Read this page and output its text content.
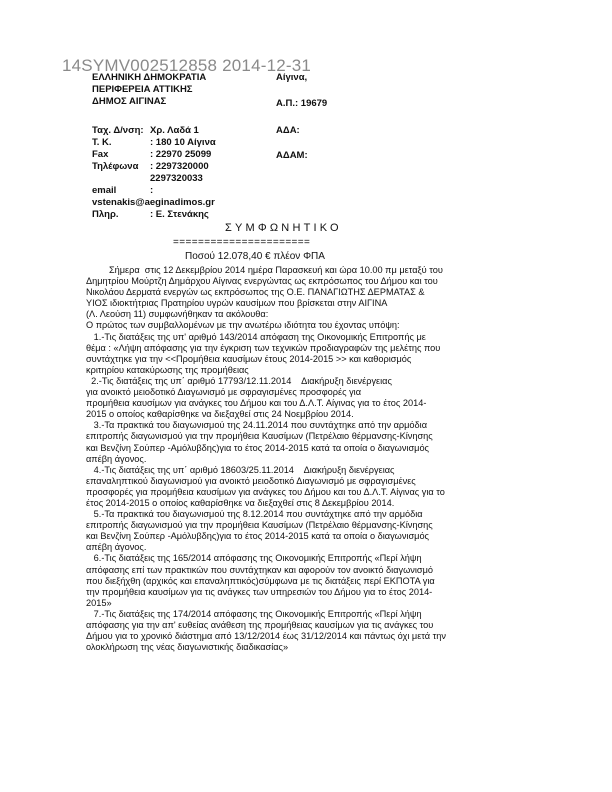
14SYMV002512858 2014-12-31
ΕΛΛΗΝΙΚΗ ΔΗΜΟΚΡΑΤΙΑ
ΠΕΡΙΦΕΡΕΙΑ ΑΤΤΙΚΗΣ
ΔΗΜΟΣ ΑΙΓΙΝΑΣ
Αίγινα,
Α.Π.: 19679
ΑΔΑ:
ΑΔΑΜ:
Ταχ. Δ/νση: Χρ. Λαδά 1
Τ. Κ.	: 180 10 Αίγινα
Fax	: 22970 25099
Τηλέφωνα	: 2297320000
2297320033
email	:
vstenakis@aeginadimos.gr
Πληρ.	: Ε. Στενάκης
ΣΥΜΦΩΝΗΤΙΚΟ
======================
Ποσού 12.078,40 € πλέον ΦΠΑ

Σήμερα  στις 12 Δεκεμβρίου 2014 ημέρα Παρασκευή και ώρα 10.00 πμ μεταξύ του

Δημητρίου Μούρτζη Δημάρχου Αίγινας ενεργώντας ως εκπρόσωπος του Δήμου και του

Νικολάου Δερματά ενεργών ως εκπρόσωπος της Ο.Ε. ΠΑΝΑΓΙΩΤΗΣ ΔΕΡΜΑΤΑΣ &

ΥΙΟΣ ιδιοκτήτριας Πρατηρίου υγρών καυσίμων που βρίσκεται στην ΑΙΓΙΝΑ

(Λ. Λεούση 11) συμφωνήθηκαν τα ακόλουθα:

Ο πρώτος των συμβαλλομένων με την ανωτέρω ιδιότητα του έχοντας υπόψη:

1.-Τις διατάξεις της υπ' αριθμό 143/2014 απόφαση της Οικονομικής Επιτροπής με

θέμα : «Λήψη απόφασης για την έγκριση των τεχνικών προδιαγραφών της μελέτης που

συντάχτηκε για την <<Προμήθεια καυσίμων έτους 2014-2015 >> και καθορισμός

κριτηρίου κατακύρωσης της προμήθειας

2.-Τις διατάξεις της υπ΄ αριθμό 17793/12.11.2014    Διακήρυξη διενέργειας

για ανοικτό μειοδοτικό Διαγωνισμό με σφραγισμένες προσφορές για

προμήθεια καυσίμων για ανάγκες του Δήμου και του Δ.Λ.Τ. Αίγινας για το έτος 2014-

2015 ο οποίος καθαρίσθηκε να διεξαχθεί στις 24 Νοεμβρίου 2014.

3.-Τα πρακτικά του διαγωνισμού της 24.11.2014 που συντάχτηκε από την αρμόδια

επιτροπής διαγωνισμού για την προμήθεια Καυσίμων (Πετρέλαιο θέρμανσης-Κίνησης

και Βενζίνη Σούπερ -Αμόλυβδης)για το έτος 2014-2015 κατά τα οποία ο διαγωνισμός

απέβη άγονος.

4.-Τις διατάξεις της υπ΄ αριθμό 18603/25.11.2014    Διακήρυξη διενέργειας

επαναληπτικού διαγωνισμού για ανοικτό μειοδοτικό Διαγωνισμό με σφραγισμένες

προσφορές για προμήθεια καυσίμων για ανάγκες του Δήμου και του Δ.Λ.Τ. Αίγινας για το

έτος 2014-2015 ο οποίος καθαρίσθηκε να διεξαχθεί στις 8 Δεκεμβρίου 2014.

5.-Τα πρακτικά του διαγωνισμού της 8.12.2014 που συντάχτηκε από την αρμόδια

επιτροπής διαγωνισμού για την προμήθεια Καυσίμων (Πετρέλαιο θέρμανσης-Κίνησης

και Βενζίνη Σούπερ -Αμόλυβδης)για το έτος 2014-2015 κατά τα οποία ο διαγωνισμός

απέβη άγονος.

6.-Τις διατάξεις της 165/2014 απόφασης της Οικονομικής Επιτροπής «Περί λήψη

απόφασης επί των πρακτικών που συντάχτηκαν και αφορούν τον ανοικτό διαγωνισμό

που διεξήχθη (αρχικός και επαναληπτικός)σύμφωνα με τις διατάξεις περί ΕΚΠΟΤΑ για

την προμήθεια καυσίμων για τις ανάγκες των υπηρεσιών του Δήμου για το έτος 2014-

2015»

7.-Τις διατάξεις της 174/2014 απόφασης της Οικονομικής Επιτροπής «Περί λήψη

απόφασης για την απ' ευθείας ανάθεση της προμήθειας καυσίμων για τις ανάγκες του

Δήμου για το χρονικό διάστημα από 13/12/2014 έως 31/12/2014 και πάντως όχι μετά την

ολοκλήρωση της νέας διαγωνιστικής διαδικασίας»
